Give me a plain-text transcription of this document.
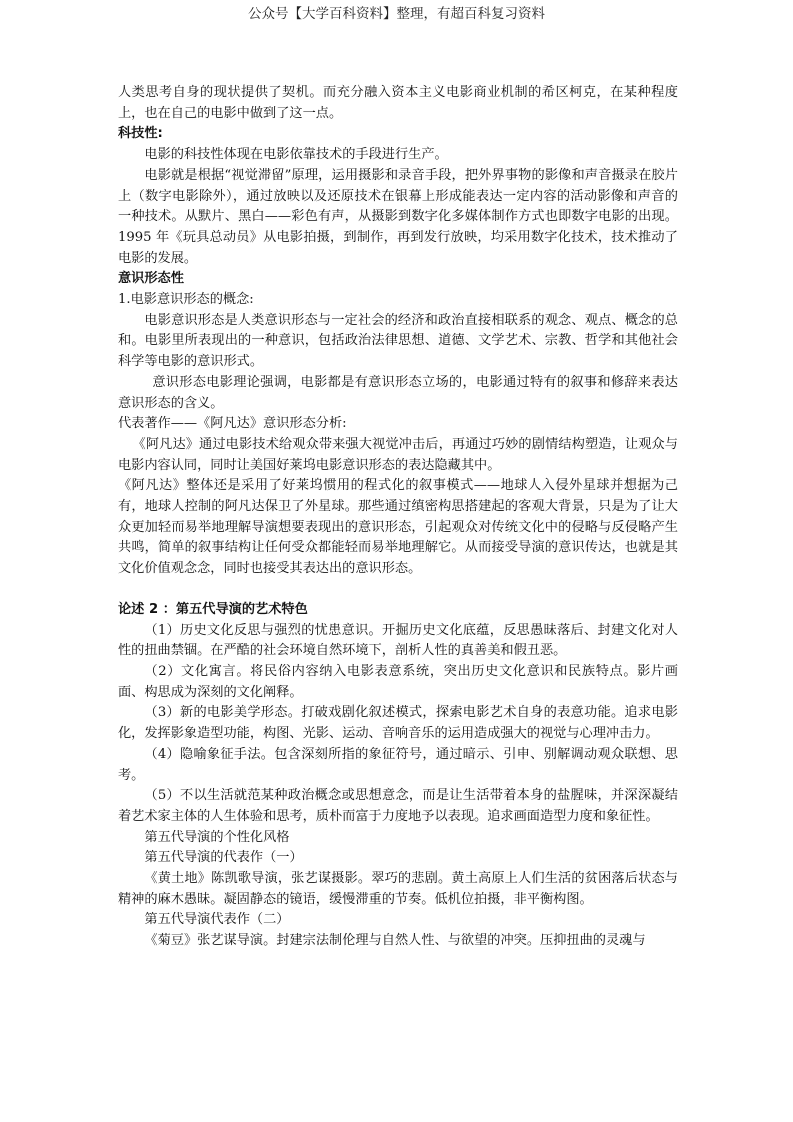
公众号【大学百科资料】整理，有超百科复习资料

人类思考自身的现状提供了契机。而充分融入资本主义电影商业机制的希区柯克，在某种程度上，也在自己的电影中做到了这一点。

科技性:

电影的科技性体现在电影依靠技术的手段进行生产。

电影就是根据“视觉滞留”原理，运用摄影和录音手段，把外界事物的影像和声音摄录在胶片上（数字电影除外），通过放映以及还原技术在银幕上形成能表达一定内容的活动影像和声音的一种技术。从默片、黑白——彩色有声，从摄影到数字化多媒体制作方式也即数字电影的出现。1995 年《玩具总动员》从电影拍摄，到制作，再到发行放映，均采用数字化技术，技术推动了电影的发展。

意识形态性

1.电影意识形态的概念:

电影意识形态是人类意识形态与一定社会的经济和政治直接相联系的观念、观点、概念的总和。电影里所表现出的一种意识，包括政治法律思想、道德、文学艺术、宗教、哲学和其他社会科学等电影的意识形式。

意识形态电影理论强调，电影都是有意识形态立场的，电影通过特有的叙事和修辞来表达意识形态的含义。

代表著作——《阿凡达》意识形态分析:

《阿凡达》通过电影技术给观众带来强大视觉冲击后，再通过巧妙的剧情结构塑造，让观众与电影内容认同，同时让美国好莱坞电影意识形态的表达隐藏其中。

《阿凡达》整体还是采用了好莱坞惯用的程式化的叙事模式——地球人入侵外星球并想据为己有，地球人控制的阿凡达保卫了外星球。那些通过缜密构思搭建起的客观大背景，只是为了让大众更加轻而易举地理解导演想要表现出的意识形态，引起观众对传统文化中的侵略与反侵略产生共鸣，简单的叙事结构让任何受众都能轻而易举地理解它。从而接受导演的意识传达，也就是其文化价值观念念，同时也接受其表达出的意识形态。

论述 2 ：第五代导演的艺术特色

（1）历史文化反思与强烈的忧患意识。开掘历史文化底蕴，反思愚昧落后、封建文化对人性的扭曲禁锢。在严酷的社会环境自然环境下，剖析人性的真善美和假丑恶。

（2）文化寓言。将民俗内容纳入电影表意系统，突出历史文化意识和民族特点。影片画面、构思成为深刻的文化阐释。

（3）新的电影美学形态。打破戏剧化叙述模式，探索电影艺术自身的表意功能。追求电影化，发挥影象造型功能，构图、光影、运动、音响音乐的运用造成强大的视觉与心理冲击力。

（4）隐喻象征手法。包含深刻所指的象征符号，通过暗示、引申、别解调动观众联想、思考。

（5）不以生活就范某种政治概念或思想意念，而是让生活带着本身的盐腥味，并深深凝结着艺术家主体的人生体验和思考，质朴而富于力度地予以表现。追求画面造型力度和象征性。

第五代导演的个性化风格

第五代导演的代表作（一）

《黄土地》陈凯歌导演，张艺谋摄影。翠巧的悲剧。黄土高原上人们生活的贫困落后状态与精神的麻木愚昧。凝固静态的镜语，缓慢滞重的节奏。低机位拍摄，非平衡构图。

第五代导演代表作（二）

《菊豆》张艺谋导演。封建宗法制伦理与自然人性、与欲望的冲突。压抑扭曲的灵魂与
